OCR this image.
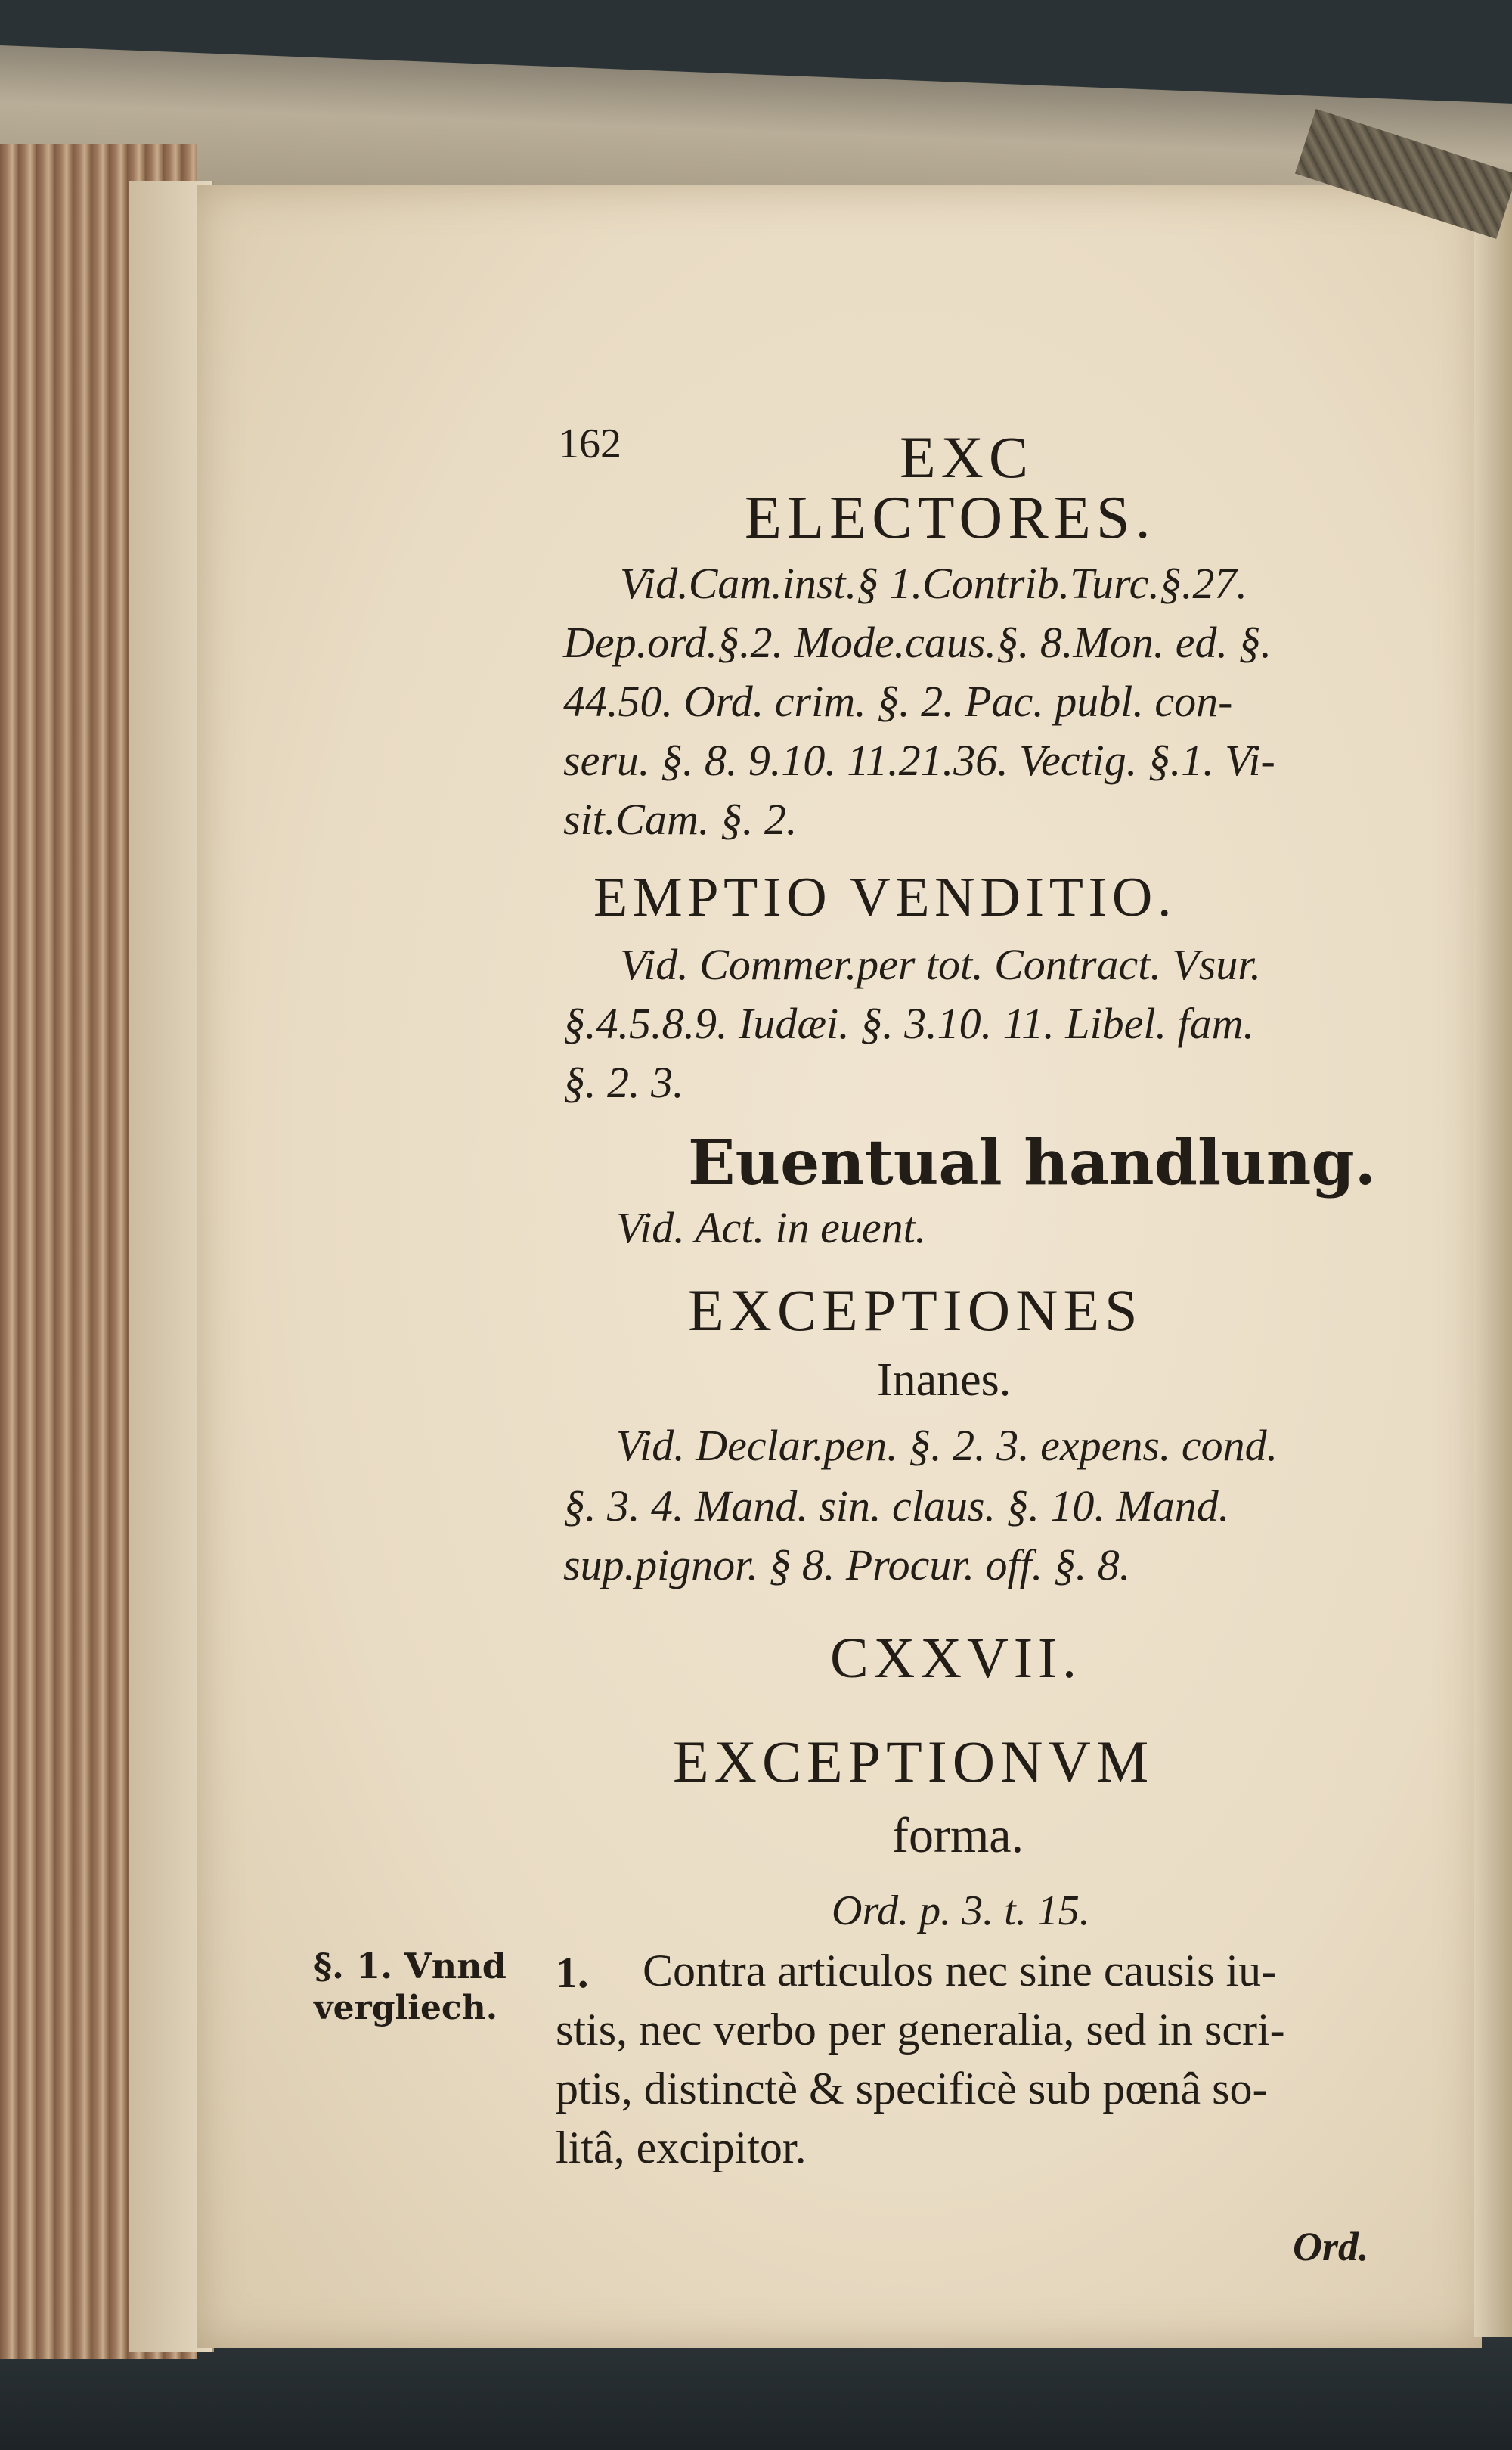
162	EXC
ELECTORES.
Vid.Cam.inst.§ 1.Contrib.Turc.§.27.
Dep.ord.§.2. Mode.caus.§. 8.Mon. ed. §.
44.50. Ord. crim. §. 2. Pac. publ. con-
seru. §. 8. 9.10. 11.21.36. Vectig. §.1. Vi-
sit.Cam. §. 2.
EMPTIO VENDITIO.
Vid. Commer.per tot. Contract. Vsur.
§.4.5.8.9. Iudæi. §. 3.10. 11. Libel. fam.
§. 2. 3.
Euentual handlung.
Vid. Act. in euent.
EXCEPTIONES
Inanes.
Vid. Declar.pen. §. 2. 3. expens. cond.
§. 3. 4. Mand. sin. claus. §. 10. Mand.
sup.pignor. § 8. Procur. off. §. 8.
CXXVII.
EXCEPTIONVM
forma.
Ord. p. 3. t. 15.
§. 1. Vnnd
vergliech.
1. Contra articulos nec sine causis iu-
stis, nec verbo per generalia, sed in scri-
ptis, distinctè & specificè sub pœnâ so-
litâ, excipitor.
Ord.
